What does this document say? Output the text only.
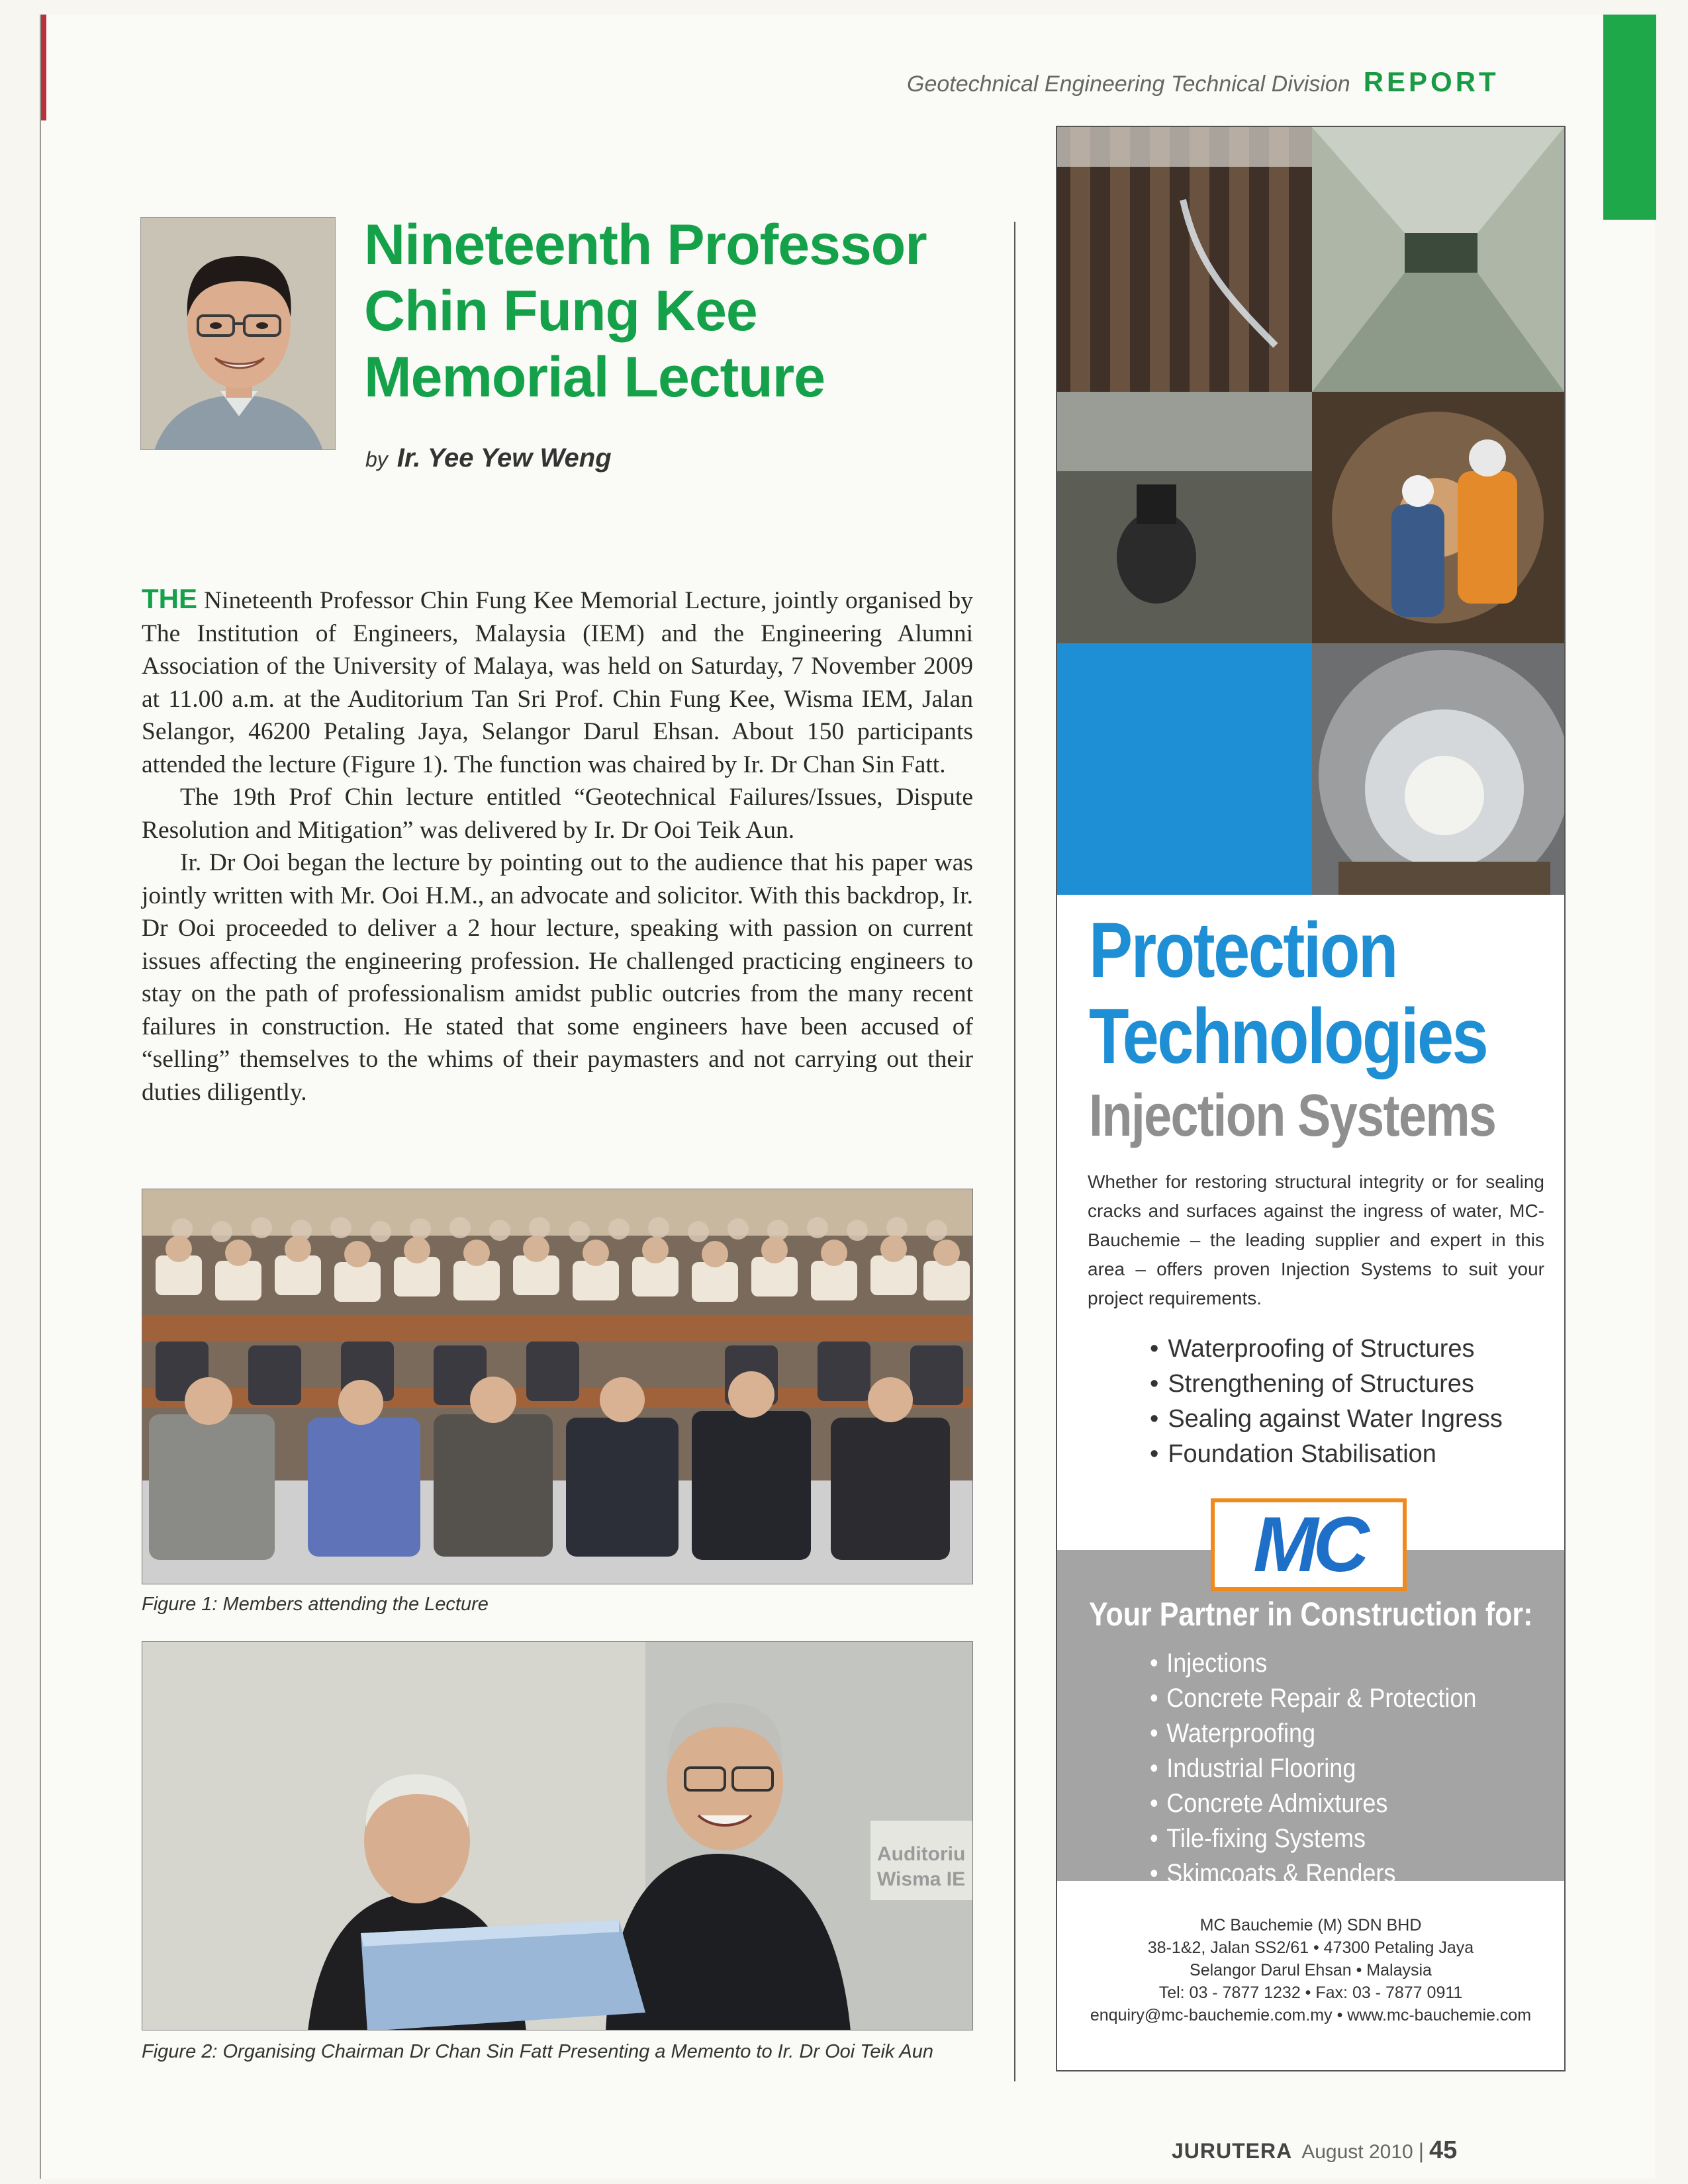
Geotechnical Engineering Technical Division REPORT
Nineteenth Professor
Chin Fung Kee
Memorial Lecture
by Ir. Yee Yew Weng

THE Nineteenth Professor Chin Fung Kee Memorial Lecture, jointly organised by The Institution of Engineers, Malaysia (IEM) and the Engineering Alumni Association of the University of Malaya, was held on Saturday, 7 November 2009 at 11.00 a.m. at the Auditorium Tan Sri Prof. Chin Fung Kee, Wisma IEM, Jalan Selangor, 46200 Petaling Jaya, Selangor Darul Ehsan. About 150 participants attended the lecture (Figure 1). The function was chaired by Ir. Dr Chan Sin Fatt.

The 19th Prof Chin lecture entitled “Geotechnical Failures/Issues, Dispute Resolution and Mitigation” was delivered by Ir. Dr Ooi Teik Aun.

Ir. Dr Ooi began the lecture by pointing out to the audience that his paper was jointly written with Mr. Ooi H.M., an advocate and solicitor. With this backdrop, Ir. Dr Ooi proceeded to deliver a 2 hour lecture, speaking with passion on current issues affecting the engineering profession. He challenged practicing engineers to stay on the path of professionalism amidst public outcries from the many recent failures in construction. He stated that some engineers have been accused of “selling” themselves to the whims of their paymasters and not carrying out their duties diligently.

Figure 1: Members attending the Lecture
Auditoriu
Wisma IE
Figure 2: Organising Chairman Dr Chan Sin Fatt Presenting a Memento to Ir. Dr Ooi Teik Aun
Protection
Technologies
Injection Systems
Whether for restoring structural integrity or for sealing cracks and surfaces against the ingress of water, MC-Bauchemie – the leading supplier and expert in this area – offers proven Injection Systems to suit your project requirements.
• Waterproofing of Structures
• Strengthening of Structures
• Sealing against Water Ingress
• Foundation Stabilisation
MC
Your Partner in Construction for:
• Injections
• Concrete Repair & Protection
• Waterproofing
• Industrial Flooring
• Concrete Admixtures
• Tile-fixing Systems
• Skimcoats & Renders
MC Bauchemie (M) SDN BHD
38-1&2, Jalan SS2/61 • 47300 Petaling Jaya
Selangor Darul Ehsan • Malaysia
Tel: 03 - 7877 1232 • Fax: 03 - 7877 0911
enquiry@mc-bauchemie.com.my • www.mc-bauchemie.com
JURUTERA August 2010 | 45
